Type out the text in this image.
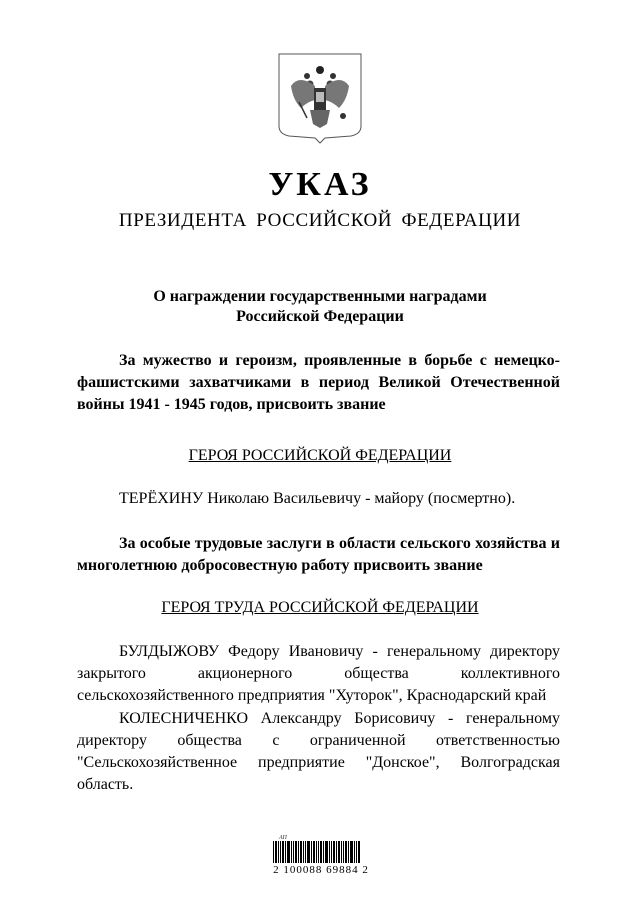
УКАЗ
ПРЕЗИДЕНТА РОССИЙСКОЙ ФЕДЕРАЦИИ
О награждении государственными наградами
Российской Федерации
За мужество и героизм, проявленные в борьбе с немецко-фашистскими захватчиками в период Великой Отечественной войны 1941 - 1945 годов, присвоить звание
ГЕРОЯ РОССИЙСКОЙ ФЕДЕРАЦИИ
ТЕРЁХИНУ Николаю Васильевичу - майору (посмертно).
За особые трудовые заслуги в области сельского хозяйства и многолетнюю добросовестную работу присвоить звание
ГЕРОЯ ТРУДА РОССИЙСКОЙ ФЕДЕРАЦИИ
БУЛДЫЖОВУ Федору Ивановичу - генеральному директору закрытого акционерного общества коллективного сельскохозяйственного предприятия "Хуторок", Краснодарский край
КОЛЕСНИЧЕНКО Александру Борисовичу - генеральному директору общества с ограниченной ответственностью "Сельскохозяйственное предприятие "Донское", Волгоградская область.
АП
2 100088 69884 2
